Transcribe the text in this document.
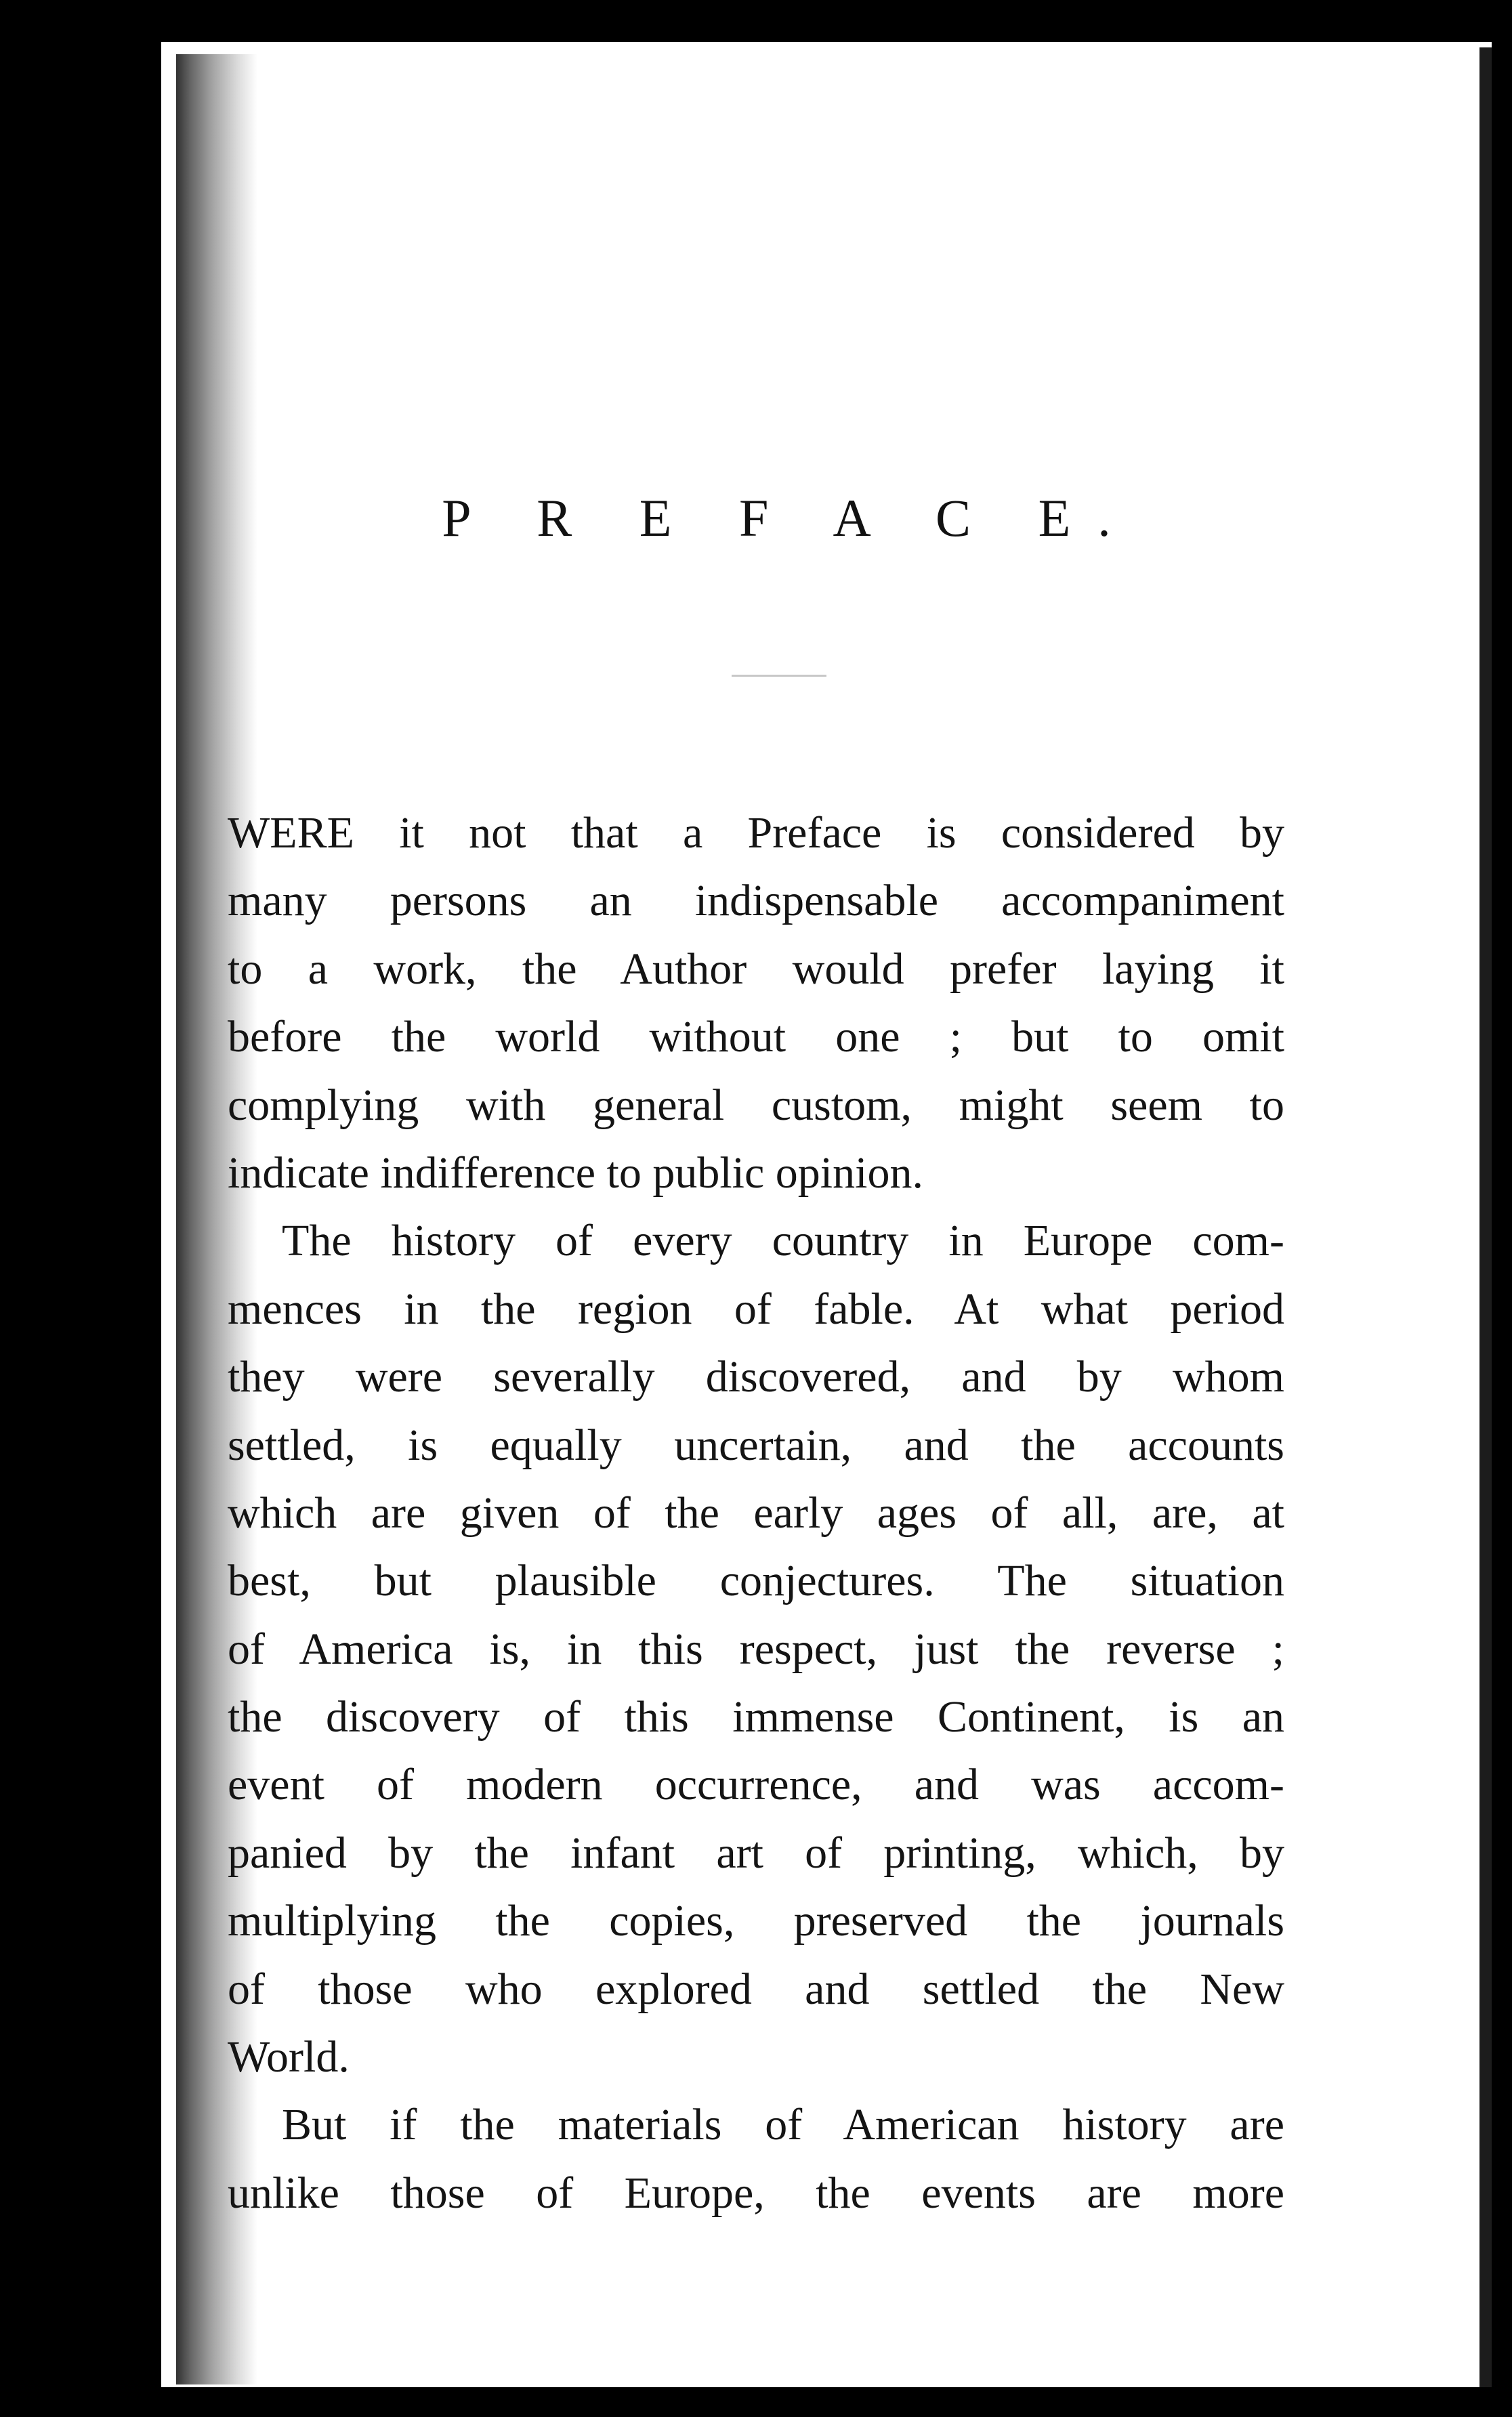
P R E F A C E.
WERE it not that a Preface is considered by
many persons an indispensable accompaniment
to a work, the Author would prefer laying it
before the world without one ; but to omit
complying with general custom, might seem to
indicate indifference to public opinion.
The history of every country in Europe com-
mences in the region of fable. At what period
they were severally discovered, and by whom
settled, is equally uncertain, and the accounts
which are given of the early ages of all, are, at
best, but plausible conjectures. The situation
of America is, in this respect, just the reverse ;
the discovery of this immense Continent, is an
event of modern occurrence, and was accom-
panied by the infant art of printing, which, by
multiplying the copies, preserved the journals
of those who explored and settled the New
World.
But if the materials of American history are
unlike those of Europe, the events are more
